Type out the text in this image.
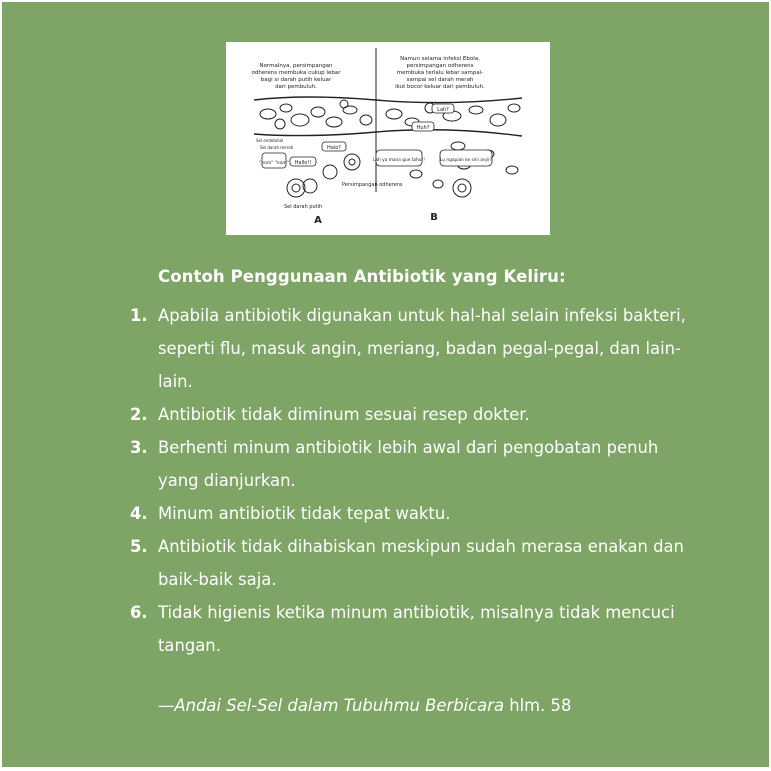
Normalnya, persimpangan
odherens membuka cukup lebar
bagi si darah putih keluar
dari pembuluh.
Namun selama infeksi Ebola,
persimpangan odherens
membuka terlalu lebar sampai-
sampai sel darah merah
ikut bocor keluar dari pembuluh.
Sel endotelial
Sel darah merah	Halo?
"nom" "nom" Hallo!!
Persimpangan odherens
Sel darah putih
A
Lah?
Huh?
Lah ya mana gue tahu!!	Lu ngapain ke sini anjir?
B
Contoh Penggunaan Antibiotik yang Keliru:
1. Apabila antibiotik digunakan untuk hal-hal selain infeksi bakteri, seperti flu, masuk angin, meriang, badan pegal-pegal, dan lain-lain.
2. Antibiotik tidak diminum sesuai resep dokter.
3. Berhenti minum antibiotik lebih awal dari pengobatan penuh yang dianjurkan.
4. Minum antibiotik tidak tepat waktu.
5. Antibiotik tidak dihabiskan meskipun sudah merasa enakan dan baik-baik saja.
6. Tidak higienis ketika minum antibiotik, misalnya tidak mencuci tangan.

—Andai Sel-Sel dalam Tubuhmu Berbicara hlm. 58
